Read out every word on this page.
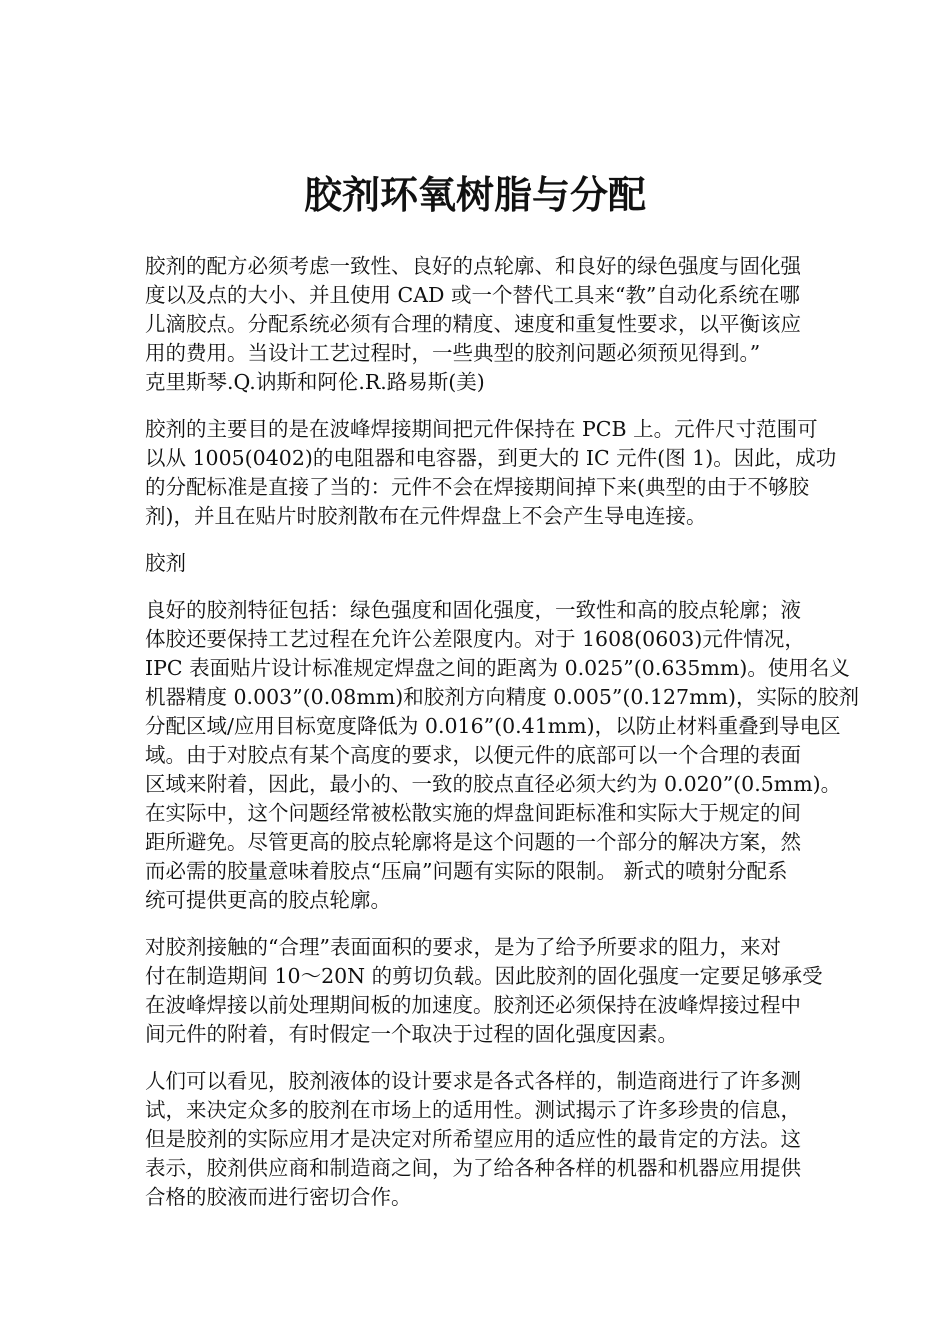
胶剂环氧树脂与分配

胶剂的配方必须考虑一致性、良好的点轮廓、和良好的绿色强度与固化强
度以及点的大小、并且使用 CAD 或一个替代工具来“教”自动化系统在哪
儿滴胶点。分配系统必须有合理的精度、速度和重复性要求，以平衡该应
用的费用。当设计工艺过程时，一些典型的胶剂问题必须预见得到。”
克里斯琴.Q.讷斯和阿伦.R.路易斯(美)

胶剂的主要目的是在波峰焊接期间把元件保持在 PCB 上。元件尺寸范围可
以从 1005(0402)的电阻器和电容器，到更大的 IC 元件(图 1)。因此，成功
的分配标准是直接了当的：元件不会在焊接期间掉下来(典型的由于不够胶
剂)，并且在贴片时胶剂散布在元件焊盘上不会产生导电连接。

胶剂

良好的胶剂特征包括：绿色强度和固化强度，一致性和高的胶点轮廓；液
体胶还要保持工艺过程在允许公差限度内。对于 1608(0603)元件情况，
IPC 表面贴片设计标准规定焊盘之间的距离为 0.025”(0.635mm)。使用名义
机器精度 0.003”(0.08mm)和胶剂方向精度 0.005”(0.127mm)，实际的胶剂
分配区域/应用目标宽度降低为 0.016”(0.41mm)，以防止材料重叠到导电区
域。由于对胶点有某个高度的要求，以便元件的底部可以一个合理的表面
区域来附着，因此，最小的、一致的胶点直径必须大约为 0.020”(0.5mm)。
在实际中，这个问题经常被松散实施的焊盘间距标准和实际大于规定的间
距所避免。尽管更高的胶点轮廓将是这个问题的一个部分的解决方案，然
而必需的胶量意味着胶点“压扁”问题有实际的限制。 新式的喷射分配系
统可提供更高的胶点轮廓。

对胶剂接触的“合理”表面面积的要求，是为了给予所要求的阻力，来对
付在制造期间 10～20N 的剪切负载。因此胶剂的固化强度一定要足够承受
在波峰焊接以前处理期间板的加速度。胶剂还必须保持在波峰焊接过程中
间元件的附着，有时假定一个取决于过程的固化强度因素。

人们可以看见，胶剂液体的设计要求是各式各样的，制造商进行了许多测
试，来决定众多的胶剂在市场上的适用性。测试揭示了许多珍贵的信息，
但是胶剂的实际应用才是决定对所希望应用的适应性的最肯定的方法。这
表示，胶剂供应商和制造商之间，为了给各种各样的机器和机器应用提供
合格的胶液而进行密切合作。
